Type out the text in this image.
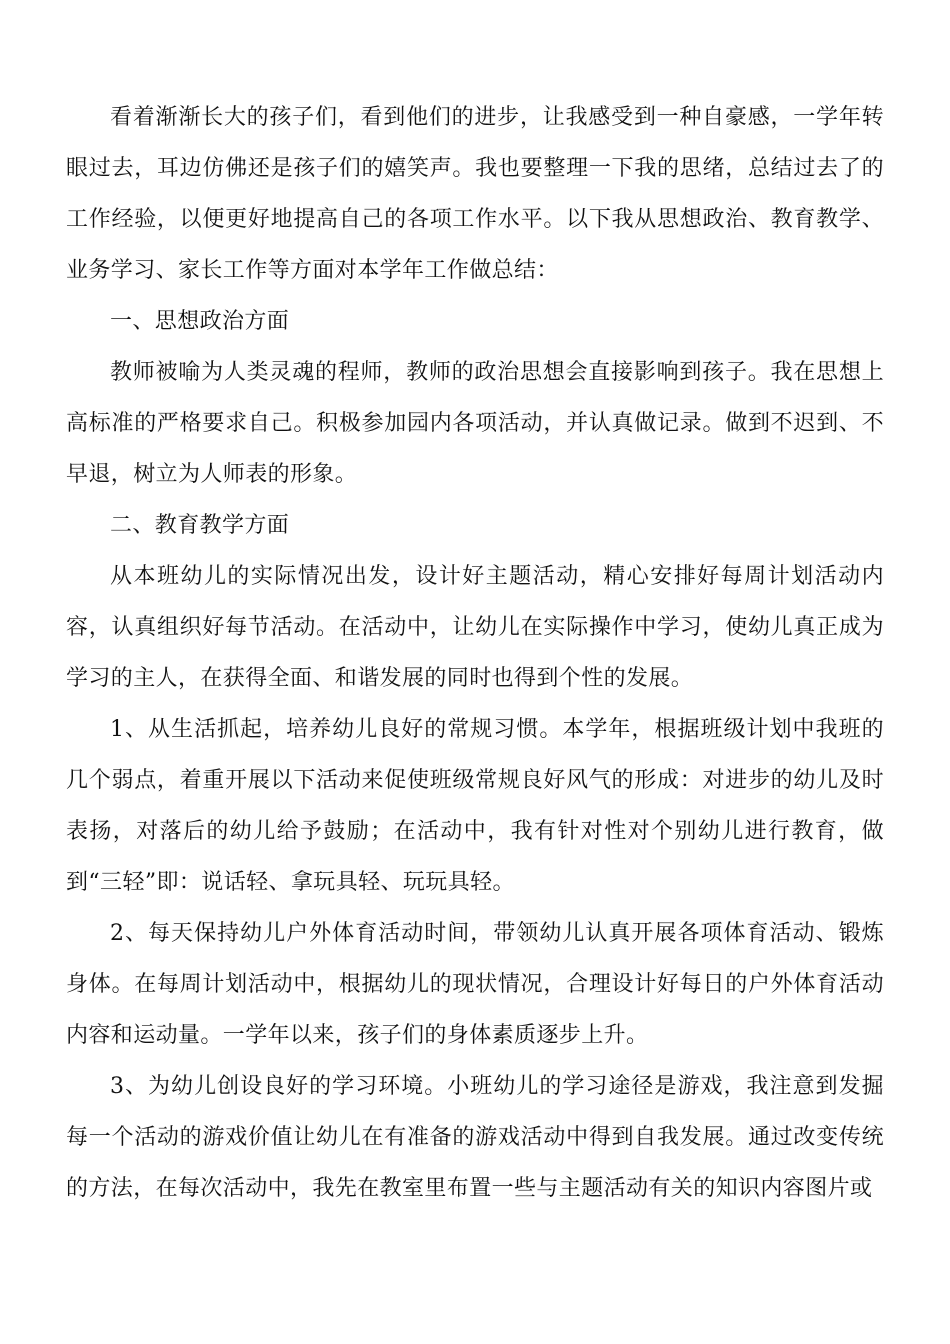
看着渐渐长大的孩子们，看到他们的进步，让我感受到一种自豪感，一学年转眼过去，耳边仿佛还是孩子们的嬉笑声。我也要整理一下我的思绪，总结过去了的工作经验，以便更好地提高自己的各项工作水平。以下我从思想政治、教育教学、业务学习、家长工作等方面对本学年工作做总结：

一、思想政治方面

教师被喻为人类灵魂的程师，教师的政治思想会直接影响到孩子。我在思想上高标准的严格要求自己。积极参加园内各项活动，并认真做记录。做到不迟到、不早退，树立为人师表的形象。

二、教育教学方面

从本班幼儿的实际情况出发，设计好主题活动，精心安排好每周计划活动内容，认真组织好每节活动。在活动中，让幼儿在实际操作中学习，使幼儿真正成为学习的主人，在获得全面、和谐发展的同时也得到个性的发展。

1、从生活抓起，培养幼儿良好的常规习惯。本学年，根据班级计划中我班的几个弱点，着重开展以下活动来促使班级常规良好风气的形成：对进步的幼儿及时表扬，对落后的幼儿给予鼓励；在活动中，我有针对性对个别幼儿进行教育，做到“三轻”即：说话轻、拿玩具轻、玩玩具轻。

2、每天保持幼儿户外体育活动时间，带领幼儿认真开展各项体育活动、锻炼身体。在每周计划活动中，根据幼儿的现状情况，合理设计好每日的户外体育活动内容和运动量。一学年以来，孩子们的身体素质逐步上升。

3、为幼儿创设良好的学习环境。小班幼儿的学习途径是游戏，我注意到发掘每一个活动的游戏价值让幼儿在有准备的游戏活动中得到自我发展。通过改变传统的方法，在每次活动中，我先在教室里布置一些与主题活动有关的知识内容图片或
